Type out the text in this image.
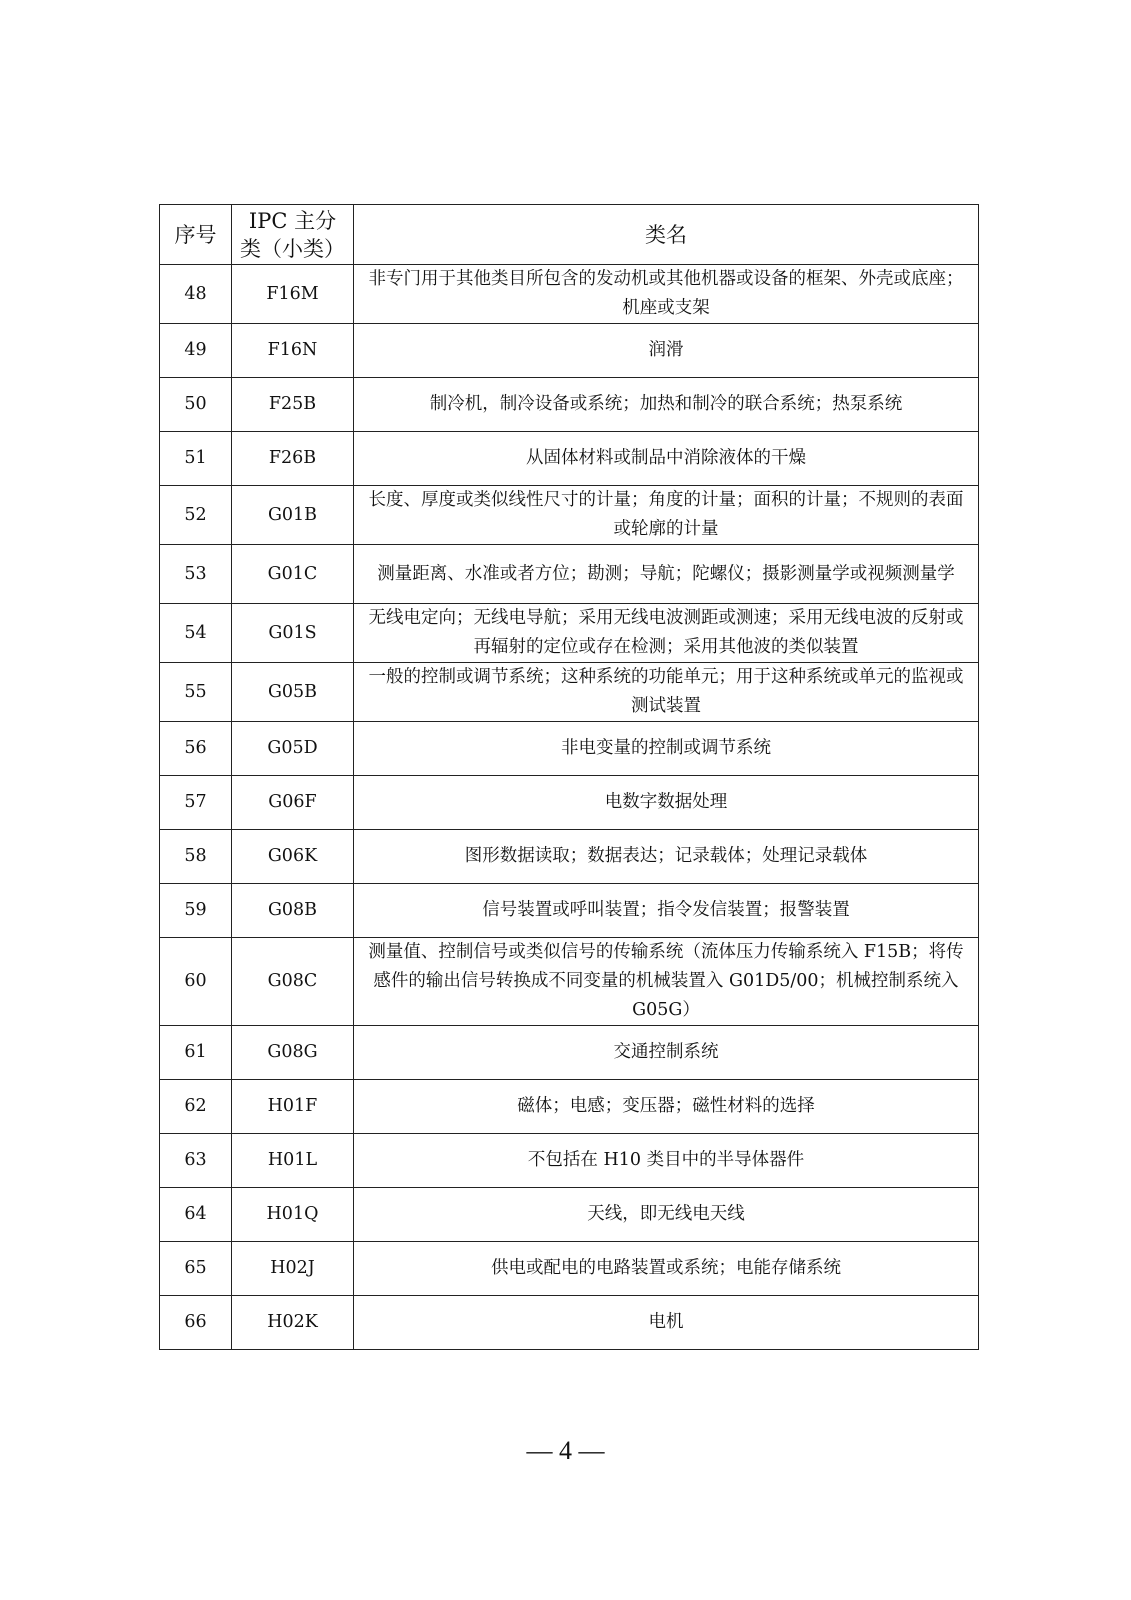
序号	IPC 主分类（小类）	类名
48	F16M	非专门用于其他类目所包含的发动机或其他机器或设备的框架、外壳或底座；机座或支架
49	F16N	润滑
50	F25B	制冷机，制冷设备或系统；加热和制冷的联合系统；热泵系统
51	F26B	从固体材料或制品中消除液体的干燥
52	G01B	长度、厚度或类似线性尺寸的计量；角度的计量；面积的计量；不规则的表面或轮廓的计量
53	G01C	测量距离、水准或者方位；勘测；导航；陀螺仪；摄影测量学或视频测量学
54	G01S	无线电定向；无线电导航；采用无线电波测距或测速；采用无线电波的反射或再辐射的定位或存在检测；采用其他波的类似装置
55	G05B	一般的控制或调节系统；这种系统的功能单元；用于这种系统或单元的监视或测试装置
56	G05D	非电变量的控制或调节系统
57	G06F	电数字数据处理
58	G06K	图形数据读取；数据表达；记录载体；处理记录载体
59	G08B	信号装置或呼叫装置；指令发信装置；报警装置
60	G08C	测量值、控制信号或类似信号的传输系统（流体压力传输系统入 F15B；将传感件的输出信号转换成不同变量的机械装置入 G01D5/00；机械控制系统入 G05G）
61	G08G	交通控制系统
62	H01F	磁体；电感；变压器；磁性材料的选择
63	H01L	不包括在 H10 类目中的半导体器件
64	H01Q	天线，即无线电天线
65	H02J	供电或配电的电路装置或系统；电能存储系统
66	H02K	电机
— 4 —
